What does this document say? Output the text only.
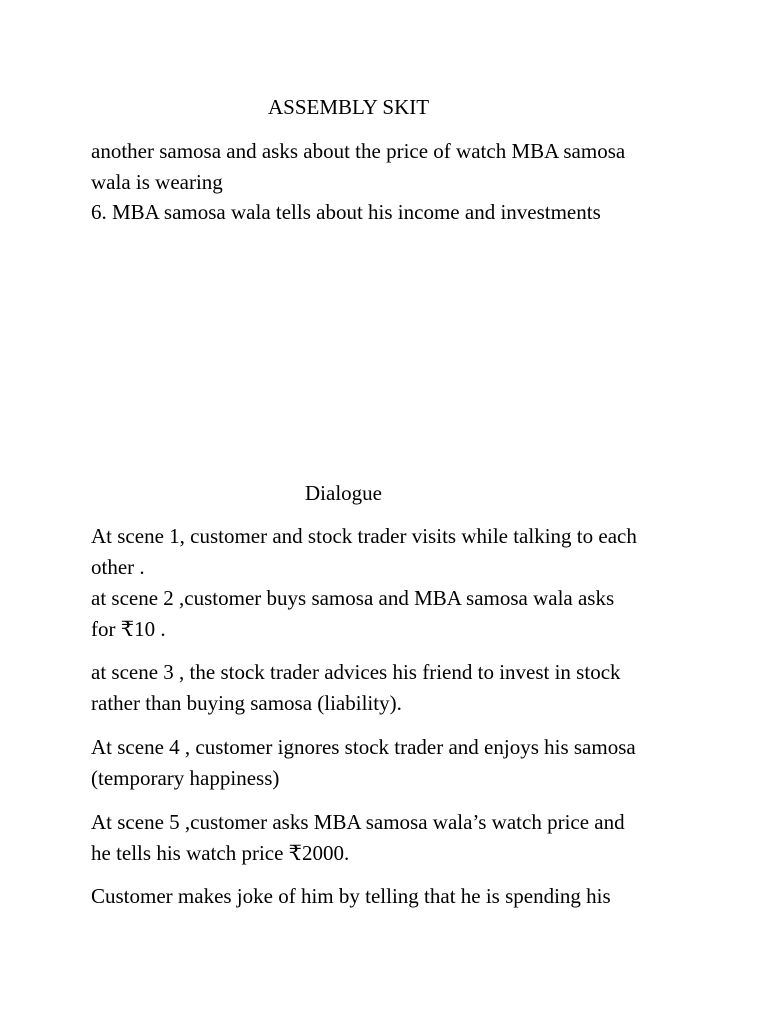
ASSEMBLY SKIT
another samosa and asks about the price of watch MBA samosa
wala is wearing
6. MBA samosa wala tells about his income and investments
Dialogue
At scene 1, customer and stock trader visits while talking to each
other .
at scene 2 ,customer buys samosa and MBA samosa wala asks
for ₹10 .
at scene 3 , the stock trader advices his friend to invest in stock
rather than buying samosa (liability).
At scene 4 , customer ignores stock trader and enjoys his samosa
(temporary happiness)
At scene 5 ,customer asks MBA samosa wala’s watch price and
he tells his watch price ₹2000.
Customer makes joke of him by telling that he is spending his
